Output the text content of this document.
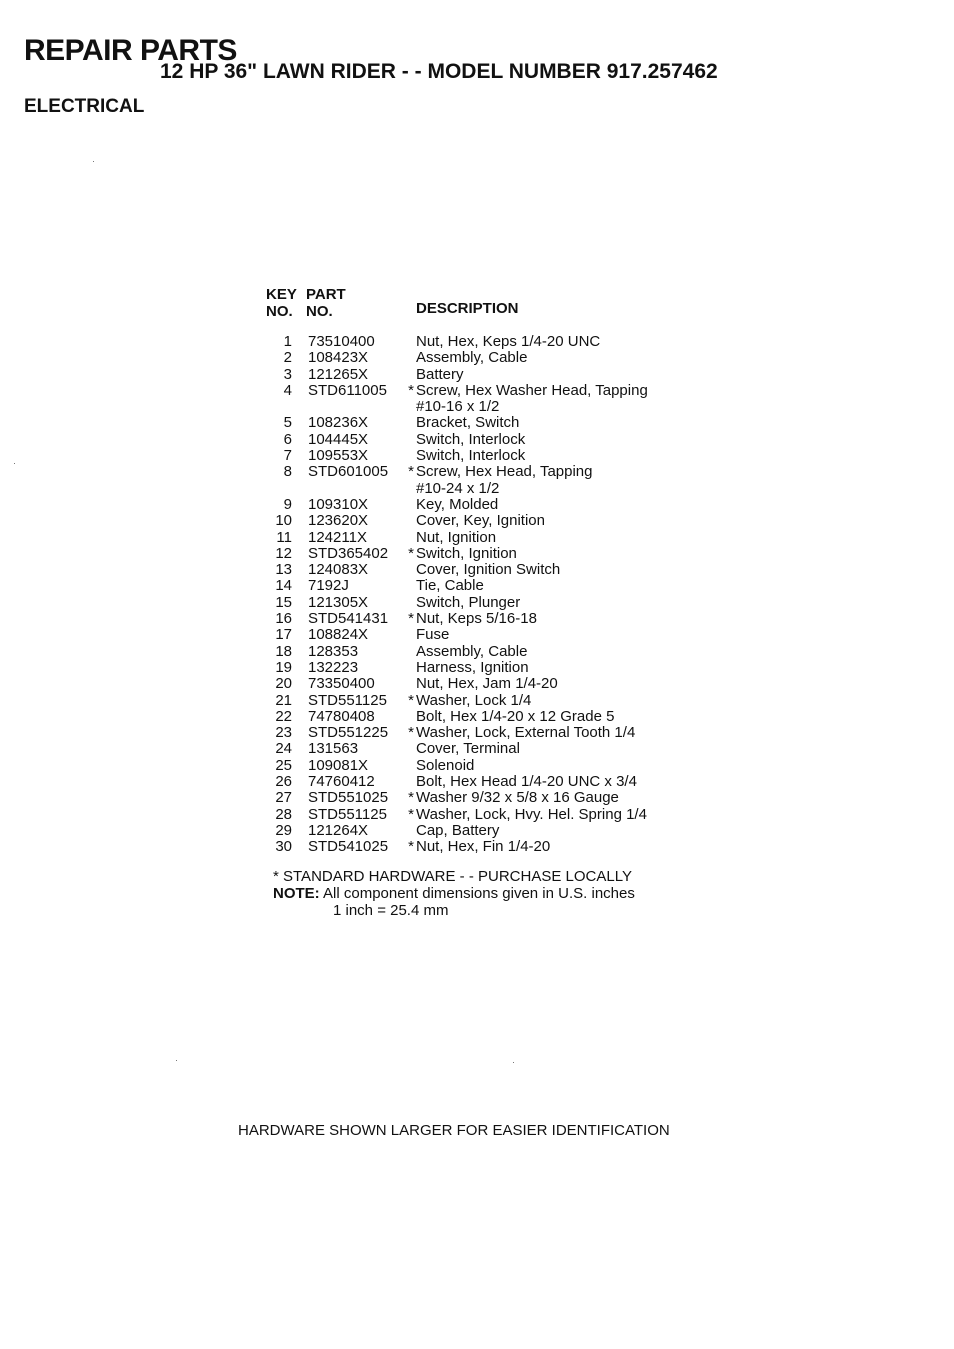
REPAIR PARTS
12 HP 36" LAWN RIDER - - MODEL NUMBER 917.257462
ELECTRICAL
KEY PART
NO. NO.	DESCRIPTION
1	73510400	Nut, Hex, Keps 1/4-20 UNC
2	108423X	Assembly, Cable
3	121265X	Battery
4	STD611005	* Screw, Hex Washer Head, Tapping
#10-16 x 1/2
5	108236X	Bracket, Switch
6	104445X	Switch, Interlock
7	109553X	Switch, Interlock
8	STD601005	* Screw, Hex Head, Tapping
#10-24 x 1/2
9	109310X	Key, Molded
10	123620X	Cover, Key, Ignition
11	124211X	Nut, Ignition
12	STD365402	* Switch, Ignition
13	124083X	Cover, Ignition Switch
14	7192J	Tie, Cable
15	121305X	Switch, Plunger
16	STD541431	* Nut, Keps 5/16-18
17	108824X	Fuse
18	128353	Assembly, Cable
19	132223	Harness, Ignition
20	73350400	Nut, Hex, Jam 1/4-20
21	STD551125	* Washer, Lock 1/4
22	74780408	Bolt, Hex 1/4-20 x 12 Grade 5
23	STD551225	* Washer, Lock, External Tooth 1/4
24	131563	Cover, Terminal
25	109081X	Solenoid
26	74760412	Bolt, Hex Head 1/4-20 UNC x 3/4
27	STD551025	* Washer 9/32 x 5/8 x 16 Gauge
28	STD551125	* Washer, Lock, Hvy. Hel. Spring 1/4
29	121264X	Cap, Battery
30	STD541025	* Nut, Hex, Fin 1/4-20
* STANDARD HARDWARE - - PURCHASE LOCALLY
NOTE: All component dimensions given in U.S. inches
1 inch = 25.4 mm
HARDWARE SHOWN LARGER FOR EASIER IDENTIFICATION
